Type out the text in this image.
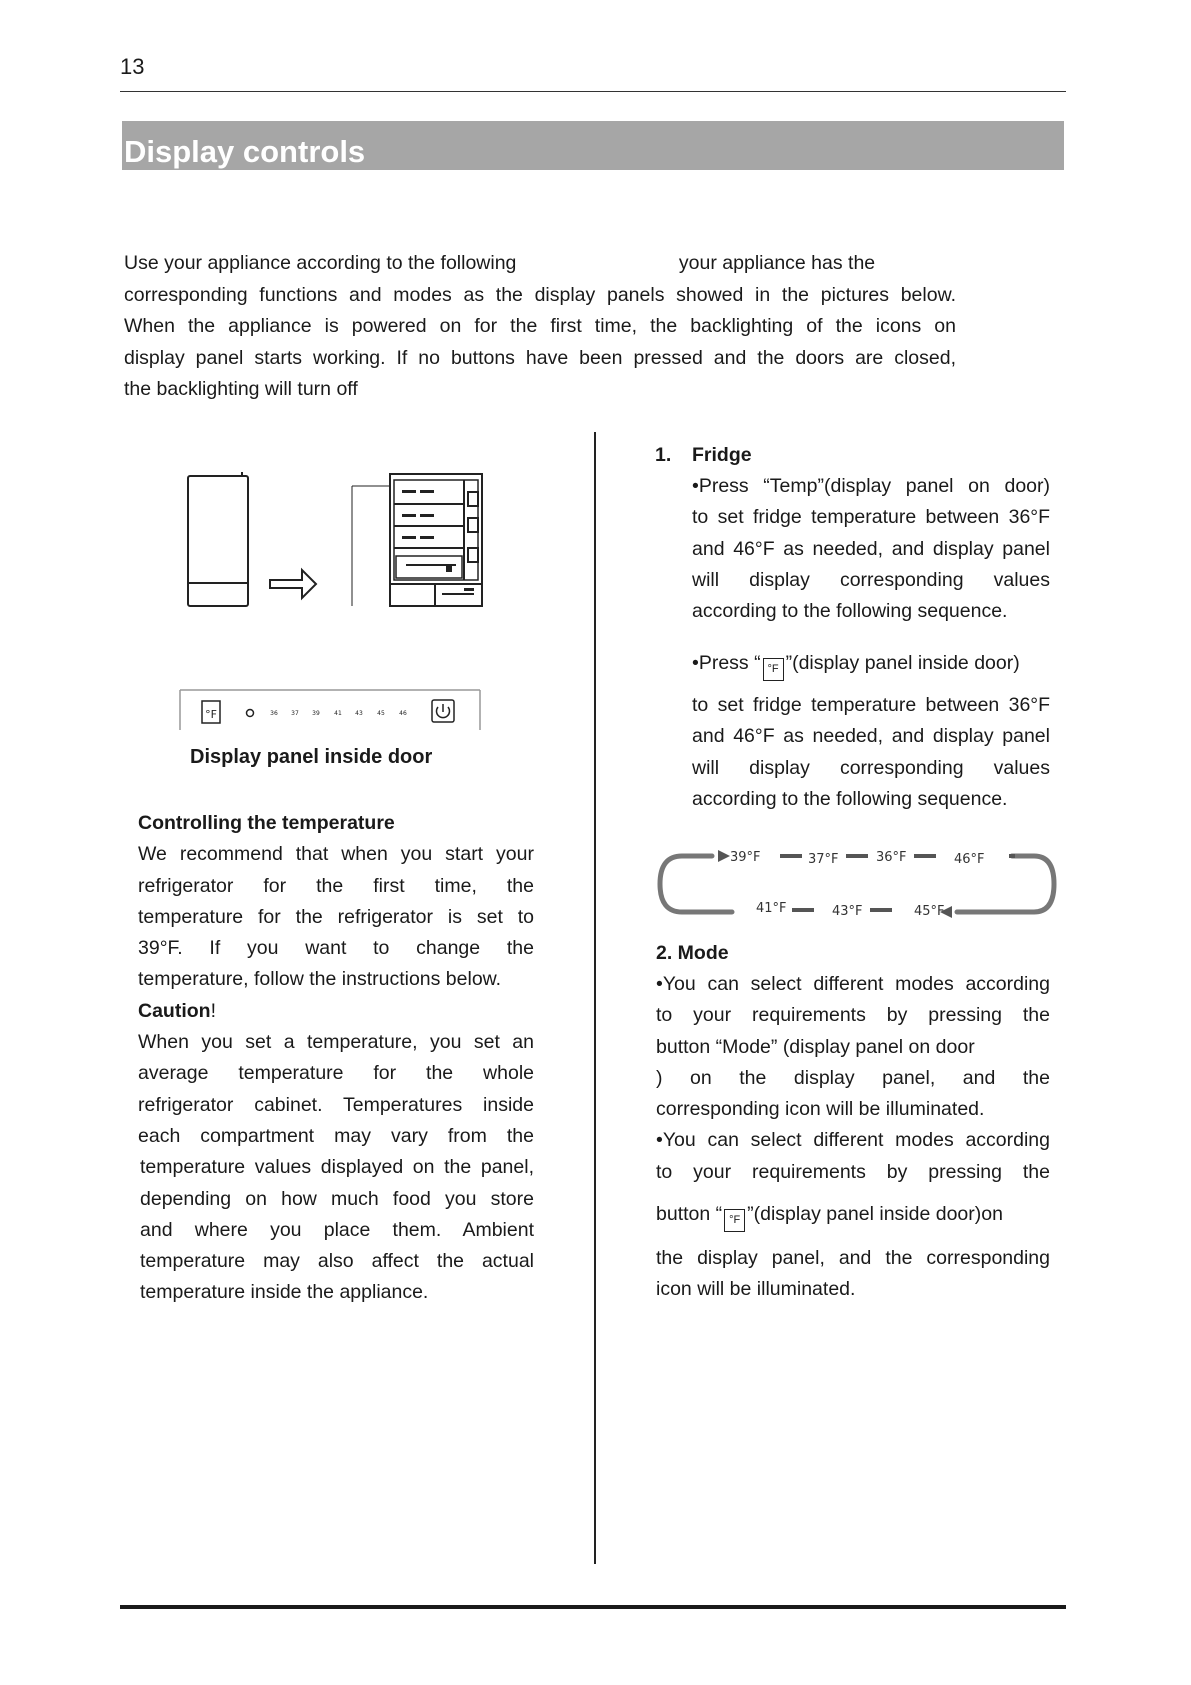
13
Display controls

Use your appliance according to the following                              your appliance has the

corresponding functions and modes as the display panels showed in the pictures below.

When the appliance is powered on for the first time, the backlighting of the icons on

display panel starts working. If no buttons have been pressed and the doors are closed,

the backlighting will turn off

°F	36 37 39 41 43 45 46
Display panel inside door
Controlling the temperature
We recommend that when you start your
refrigerator for the first time, the
temperature for the refrigerator is set to
39°F. If you want to change the
temperature, follow the instructions below.
Caution!
When you set a temperature, you set an
average temperature for the whole
refrigerator cabinet. Temperatures inside
each compartment may vary from the
temperature values displayed on the panel,
depending on how much food you store
and where you place them. Ambient
temperature may also affect the actual
temperature inside the appliance.
1. Fridge
•Press “Temp”(display panel on door)
to set fridge temperature between 36°F
and 46°F as needed, and display panel
will display corresponding values
according to the following sequence.
•Press “ °F ”(display panel inside door)
to set fridge temperature between 36°F
and 46°F as needed, and display panel
will display corresponding values
according to the following sequence.
39°F	37°F	36°F	46°F
41°F	43°F	45°F
2. Mode
•You can select different modes according
to your requirements by pressing the
button “Mode” (display panel on door
) on the display panel, and the
corresponding icon will be illuminated.
•You can select different modes according
to your requirements by pressing the
button “ °F ”(display panel inside door)on
the display panel, and the corresponding
icon will be illuminated.
